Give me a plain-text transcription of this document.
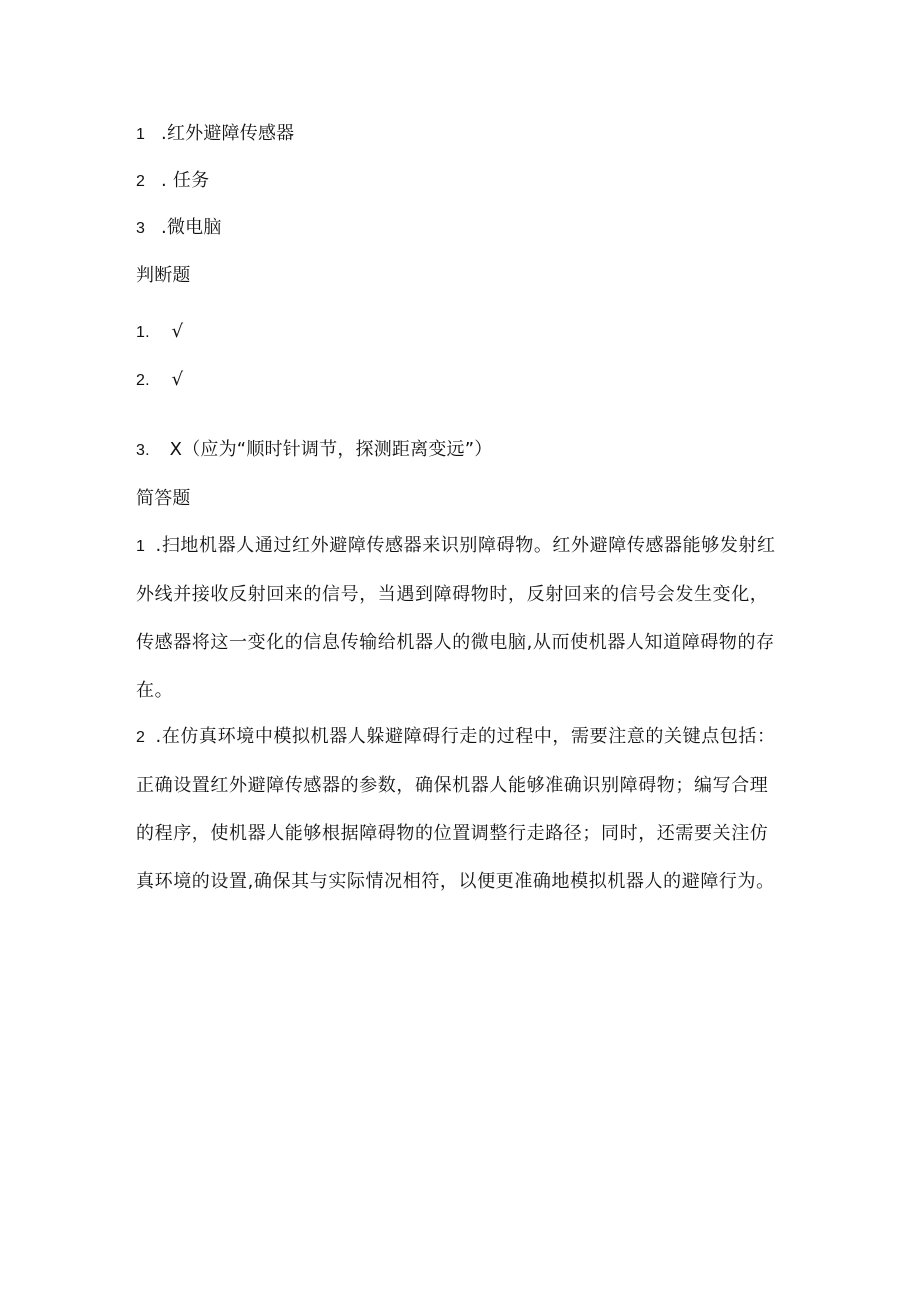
1 .红外避障传感器
2 . 任务
3 .微电脑
判断题
1. √
2. √
3. X（应为“顺时针调节，探测距离变远”）
简答题
1 .扫地机器人通过红外避障传感器来识别障碍物。红外避障传感器能够发射红外线并接收反射回来的信号，当遇到障碍物时，反射回来的信号会发生变化，传感器将这一变化的信息传输给机器人的微电脑,从而使机器人知道障碍物的存在。
2 .在仿真环境中模拟机器人躲避障碍行走的过程中，需要注意的关键点包括：正确设置红外避障传感器的参数，确保机器人能够准确识别障碍物；编写合理的程序，使机器人能够根据障碍物的位置调整行走路径；同时，还需要关注仿真环境的设置,确保其与实际情况相符，以便更准确地模拟机器人的避障行为。
